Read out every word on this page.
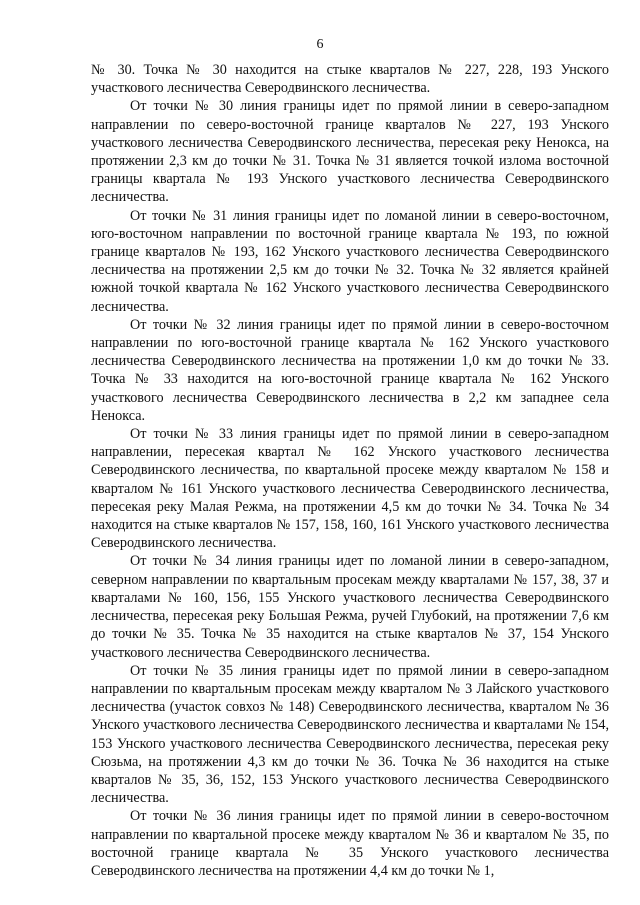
6

№ 30. Точка № 30 находится на стыке кварталов № 227, 228, 193 Унского участкового лесничества Северодвинского лесничества.

От точки № 30 линия границы идет по прямой линии в северо-западном направлении по северо-восточной границе кварталов № 227, 193 Унского участкового лесничества Северодвинского лесничества, пересекая реку Ненокса, на протяжении 2,3 км до точки № 31. Точка № 31 является точкой излома восточной границы квартала № 193 Унского участкового лесничества Северодвинского лесничества.

От точки № 31 линия границы идет по ломаной линии в северо-восточном, юго-восточном направлении по восточной границе квартала № 193, по южной границе кварталов № 193, 162 Унского участкового лесничества Северодвинского лесничества на протяжении 2,5 км до точки № 32. Точка № 32 является крайней южной точкой квартала № 162 Унского участкового лесничества Северодвинского лесничества.

От точки № 32 линия границы идет по прямой линии в северо-восточном направлении по юго-восточной границе квартала № 162 Унского участкового лесничества Северодвинского лесничества на протяжении 1,0 км до точки № 33. Точка № 33 находится на юго-восточной границе квартала № 162 Унского участкового лесничества Северодвинского лесничества в 2,2 км западнее села Ненокса.

От точки № 33 линия границы идет по прямой линии в северо-западном направлении, пересекая квартал № 162 Унского участкового лесничества Северодвинского лесничества, по квартальной просеке между кварталом № 158 и кварталом № 161 Унского участкового лесничества Северодвинского лесничества, пересекая реку Малая Режма, на протяжении 4,5 км до точки № 34. Точка № 34 находится на стыке кварталов № 157, 158, 160, 161 Унского участкового лесничества Северодвинского лесничества.

От точки № 34 линия границы идет по ломаной линии в северо-западном, северном направлении по квартальным просекам между кварталами № 157, 38, 37 и кварталами № 160, 156, 155 Унского участкового лесничества Северодвинского лесничества, пересекая реку Большая Режма, ручей Глубокий, на протяжении 7,6 км до точки № 35. Точка № 35 находится на стыке кварталов № 37, 154 Унского участкового лесничества Северодвинского лесничества.

От точки № 35 линия границы идет по прямой линии в северо-западном направлении по квартальным просекам между кварталом № 3 Лайского участкового лесничества (участок совхоз № 148) Северодвинского лесничества, кварталом № 36 Унского участкового лесничества Северодвинского лесничества и кварталами № 154, 153 Унского участкового лесничества Северодвинского лесничества, пересекая реку Сюзьма, на протяжении 4,3 км до точки № 36. Точка № 36 находится на стыке кварталов № 35, 36, 152, 153 Унского участкового лесничества Северодвинского лесничества.

От точки № 36 линия границы идет по прямой линии в северо-восточном направлении по квартальной просеке между кварталом № 36 и кварталом № 35, по восточной границе квартала № 35 Унского участкового лесничества Северодвинского лесничества на протяжении 4,4 км до точки № 1,
